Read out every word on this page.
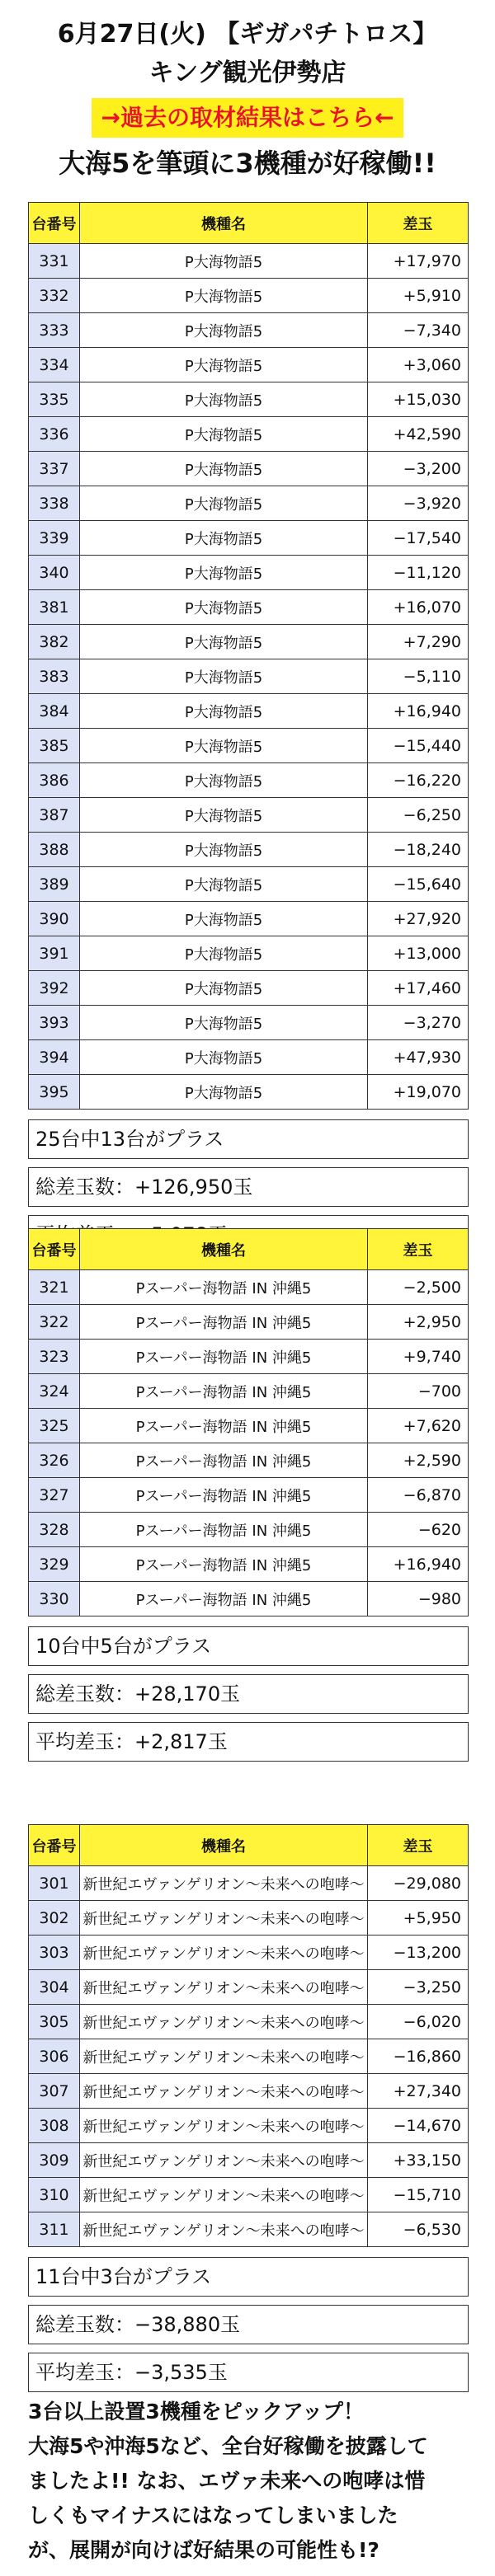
6月27日(火) 【ギガパチトロス】
キング観光伊勢店
→過去の取材結果はこちら←
大海5を筆頭に3機種が好稼働!!
台番号	機種名	差玉
331	P大海物語5	+17,970
332	P大海物語5	+5,910
333	P大海物語5	−7,340
334	P大海物語5	+3,060
335	P大海物語5	+15,030
336	P大海物語5	+42,590
337	P大海物語5	−3,200
338	P大海物語5	−3,920
339	P大海物語5	−17,540
340	P大海物語5	−11,120
381	P大海物語5	+16,070
382	P大海物語5	+7,290
383	P大海物語5	−5,110
384	P大海物語5	+16,940
385	P大海物語5	−15,440
386	P大海物語5	−16,220
387	P大海物語5	−6,250
388	P大海物語5	−18,240
389	P大海物語5	−15,640
390	P大海物語5	+27,920
391	P大海物語5	+13,000
392	P大海物語5	+17,460
393	P大海物語5	−3,270
394	P大海物語5	+47,930
395	P大海物語5	+19,070
25台中13台がプラス
総差玉数：+126,950玉
台番号	機種名	差玉
321	Pスーパー海物語 IN 沖縄5	−2,500
322	Pスーパー海物語 IN 沖縄5	+2,950
323	Pスーパー海物語 IN 沖縄5	+9,740
324	Pスーパー海物語 IN 沖縄5	−700
325	Pスーパー海物語 IN 沖縄5	+7,620
326	Pスーパー海物語 IN 沖縄5	+2,590
327	Pスーパー海物語 IN 沖縄5	−6,870
328	Pスーパー海物語 IN 沖縄5	−620
329	Pスーパー海物語 IN 沖縄5	+16,940
330	Pスーパー海物語 IN 沖縄5	−980
10台中5台がプラス
総差玉数：+28,170玉
平均差玉：+2,817玉
台番号	機種名	差玉
301	新世紀エヴァンゲリオン〜未来への咆哮〜	−29,080
302	新世紀エヴァンゲリオン〜未来への咆哮〜	+5,950
303	新世紀エヴァンゲリオン〜未来への咆哮〜	−13,200
304	新世紀エヴァンゲリオン〜未来への咆哮〜	−3,250
305	新世紀エヴァンゲリオン〜未来への咆哮〜	−6,020
306	新世紀エヴァンゲリオン〜未来への咆哮〜	−16,860
307	新世紀エヴァンゲリオン〜未来への咆哮〜	+27,340
308	新世紀エヴァンゲリオン〜未来への咆哮〜	−14,670
309	新世紀エヴァンゲリオン〜未来への咆哮〜	+33,150
310	新世紀エヴァンゲリオン〜未来への咆哮〜	−15,710
311	新世紀エヴァンゲリオン〜未来への咆哮〜	−6,530
11台中3台がプラス
総差玉数：−38,880玉
平均差玉：−3,535玉
3台以上設置3機種をピックアップ！
大海5や沖海5など、全台好稼働を披露して
ましたよ!! なお、エヴァ未来への咆哮は惜
しくもマイナスにはなってしまいました
が、展開が向けば好結果の可能性も!?
